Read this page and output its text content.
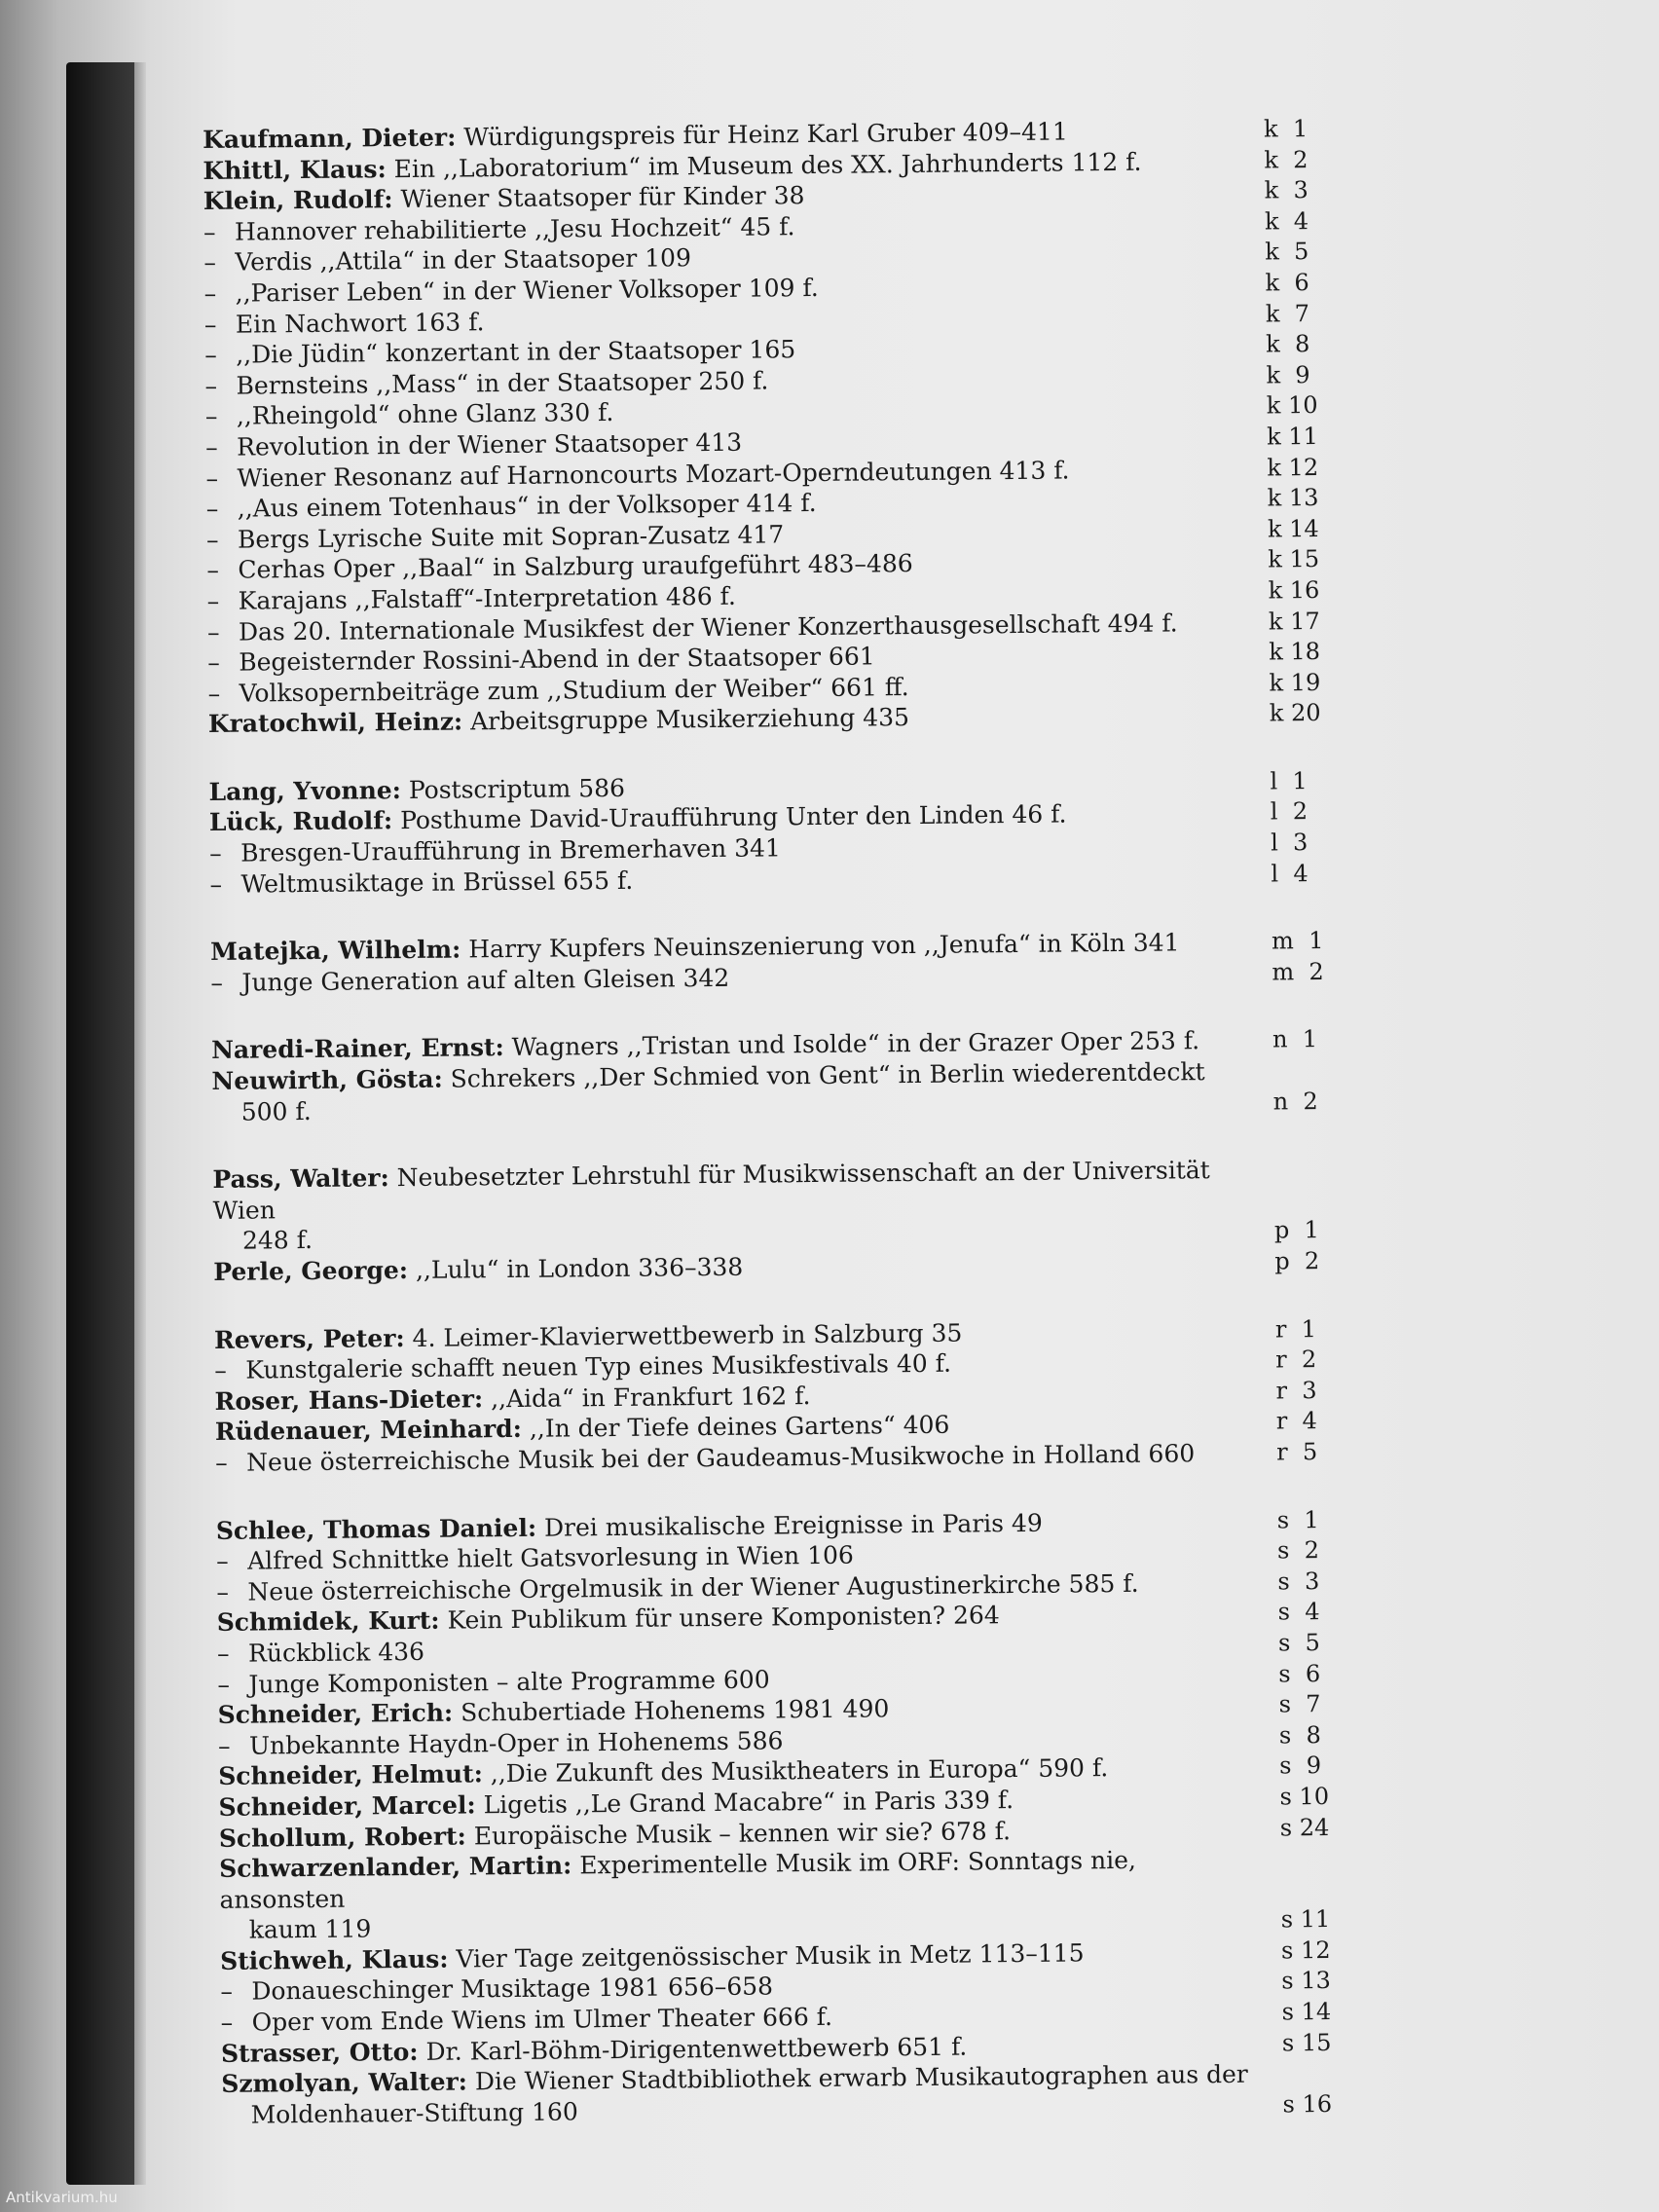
Antikvarium.hu
Kaufmann, Dieter: Würdigungspreis für Heinz Karl Gruber 409–411	k  1
Khittl, Klaus: Ein ,,Laboratorium“ im Museum des XX. Jahrhunderts 112 f.	k  2
Klein, Rudolf: Wiener Staatsoper für Kinder 38	k  3
– Hannover rehabilitierte ,,Jesu Hochzeit“ 45 f.	k  4
– Verdis ,,Attila“ in der Staatsoper 109	k  5
– ,,Pariser Leben“ in der Wiener Volksoper 109 f.	k  6
– Ein Nachwort 163 f.	k  7
– ,,Die Jüdin“ konzertant in der Staatsoper 165	k  8
– Bernsteins ,,Mass“ in der Staatsoper 250 f.	k  9
– ,,Rheingold“ ohne Glanz 330 f.	k 10
– Revolution in der Wiener Staatsoper 413	k 11
– Wiener Resonanz auf Harnoncourts Mozart-Operndeutungen 413 f.	k 12
– ,,Aus einem Totenhaus“ in der Volksoper 414 f.	k 13
– Bergs Lyrische Suite mit Sopran-Zusatz 417	k 14
– Cerhas Oper ,,Baal“ in Salzburg uraufgeführt 483–486	k 15
– Karajans ,,Falstaff“-Interpretation 486 f.	k 16
– Das 20. Internationale Musikfest der Wiener Konzerthausgesellschaft 494 f.	k 17
– Begeisternder Rossini-Abend in der Staatsoper 661	k 18
– Volksopernbeiträge zum ,,Studium der Weiber“ 661 ff.	k 19
Kratochwil, Heinz: Arbeitsgruppe Musikerziehung 435	k 20
Lang, Yvonne: Postscriptum 586	l  1
Lück, Rudolf: Posthume David-Uraufführung Unter den Linden 46 f.	l  2
– Bresgen-Uraufführung in Bremerhaven 341	l  3
– Weltmusiktage in Brüssel 655 f.	l  4
Matejka, Wilhelm: Harry Kupfers Neuinszenierung von ,,Jenufa“ in Köln 341	m  1
– Junge Generation auf alten Gleisen 342	m  2
Naredi-Rainer, Ernst: Wagners ,,Tristan und Isolde“ in der Grazer Oper 253 f.	n  1
Neuwirth, Gösta: Schrekers ,,Der Schmied von Gent“ in Berlin wiederentdeckt
500 f.	n  2
Pass, Walter: Neubesetzter Lehrstuhl für Musikwissenschaft an der Universität Wien
248 f.	p  1
Perle, George: ,,Lulu“ in London 336–338	p  2
Revers, Peter: 4. Leimer-Klavierwettbewerb in Salzburg 35	r  1
– Kunstgalerie schafft neuen Typ eines Musikfestivals 40 f.	r  2
Roser, Hans-Dieter: ,,Aida“ in Frankfurt 162 f.	r  3
Rüdenauer, Meinhard: ,,In der Tiefe deines Gartens“ 406	r  4
– Neue österreichische Musik bei der Gaudeamus-Musikwoche in Holland 660	r  5
Schlee, Thomas Daniel: Drei musikalische Ereignisse in Paris 49	s  1
– Alfred Schnittke hielt Gatsvorlesung in Wien 106	s  2
– Neue österreichische Orgelmusik in der Wiener Augustinerkirche 585 f.	s  3
Schmidek, Kurt: Kein Publikum für unsere Komponisten? 264	s  4
– Rückblick 436	s  5
– Junge Komponisten – alte Programme 600	s  6
Schneider, Erich: Schubertiade Hohenems 1981 490	s  7
– Unbekannte Haydn-Oper in Hohenems 586	s  8
Schneider, Helmut: ,,Die Zukunft des Musiktheaters in Europa“ 590 f.	s  9
Schneider, Marcel: Ligetis ,,Le Grand Macabre“ in Paris 339 f.	s 10
Schollum, Robert: Europäische Musik – kennen wir sie? 678 f.	s 24
Schwarzenlander, Martin: Experimentelle Musik im ORF: Sonntags nie, ansonsten
kaum 119	s 11
Stichweh, Klaus: Vier Tage zeitgenössischer Musik in Metz 113–115	s 12
– Donaueschinger Musiktage 1981 656–658	s 13
– Oper vom Ende Wiens im Ulmer Theater 666 f.	s 14
Strasser, Otto: Dr. Karl-Böhm-Dirigentenwettbewerb 651 f.	s 15
Szmolyan, Walter: Die Wiener Stadtbibliothek erwarb Musikautographen aus der
Moldenhauer-Stiftung 160	s 16
